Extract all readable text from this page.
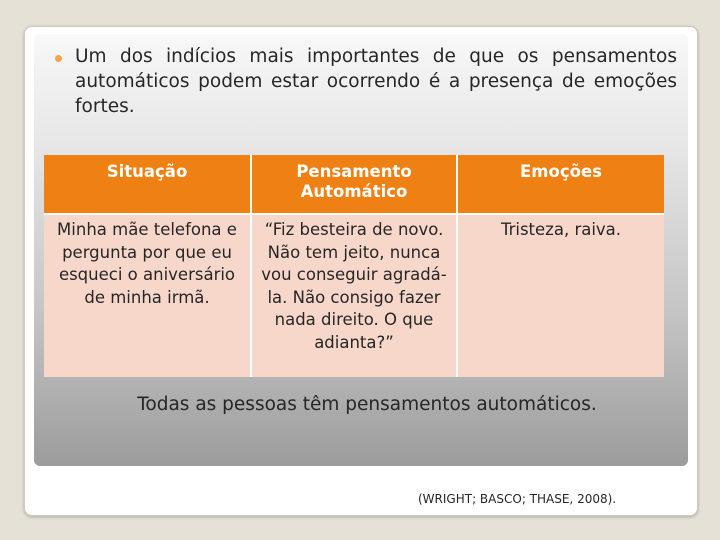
Um dos indícios mais importantes de que os pensamentos automáticos podem estar ocorrendo é a presença de emoções fortes.

Situação	Pensamento Automático	Emoções

Minha mãe telefona e pergunta por que eu esqueci o aniversário de minha irmã.	“Fiz besteira de novo. Não tem jeito, nunca vou conseguir agradá-la. Não consigo fazer nada direito. O que adianta?”	Tristeza, raiva.
Todas as pessoas têm pensamentos automáticos.
(WRIGHT; BASCO; THASE, 2008).
